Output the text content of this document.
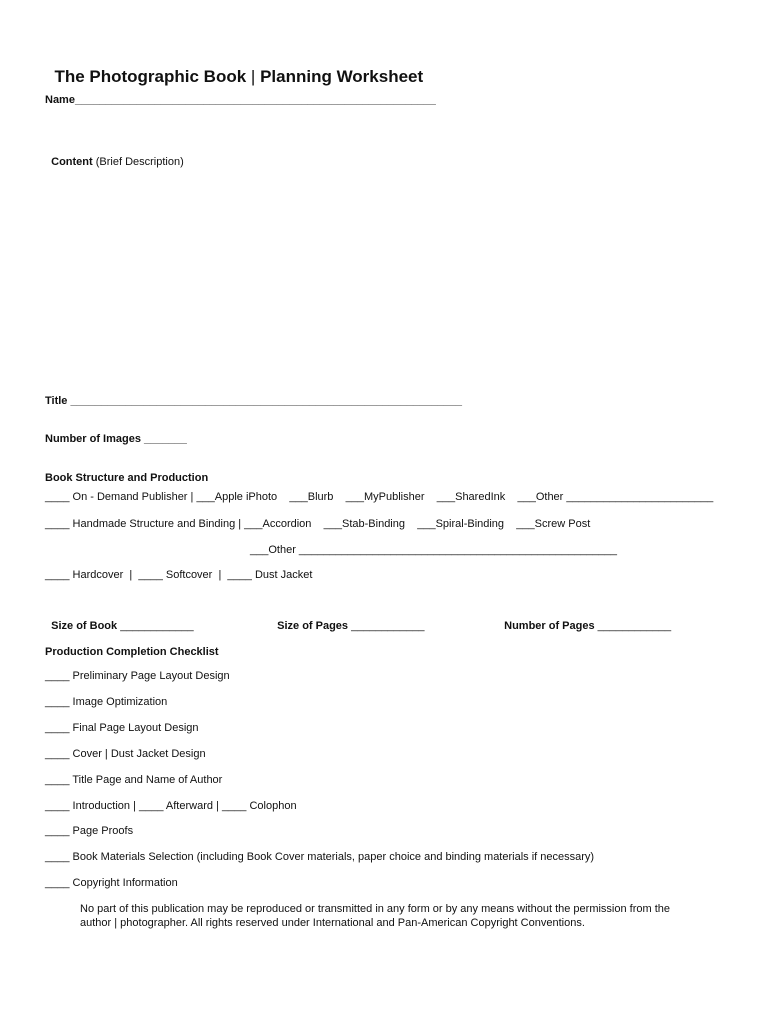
The Photographic Book | Planning Worksheet

Name___________________________________________________________

Content (Brief Description)

Title ________________________________________________________________
Number of Images _______
Book Structure and Production
____ On - Demand Publisher | ___Apple iPhoto    ___Blurb    ___MyPublisher    ___SharedInk    ___Other ________________________
____ Handmade Structure and Binding | ___Accordion    ___Stab-Binding    ___Spiral-Binding    ___Screw Post
___Other ____________________________________________________
____ Hardcover  |  ____ Softcover  |  ____ Dust Jacket

Size of Book ____________	Size of Pages ____________	Number of Pages ____________

Production Completion Checklist
____ Preliminary Page Layout Design
____ Image Optimization
____ Final Page Layout Design
____ Cover | Dust Jacket Design
____ Title Page and Name of Author
____ Introduction | ____ Afterward | ____ Colophon
____ Page Proofs
____ Book Materials Selection (including Book Cover materials, paper choice and binding materials if necessary)
____ Copyright Information
No part of this publication may be reproduced or transmitted in any form or by any means without the permission from the author | photographer. All rights reserved under International and Pan-American Copyright Conventions.
